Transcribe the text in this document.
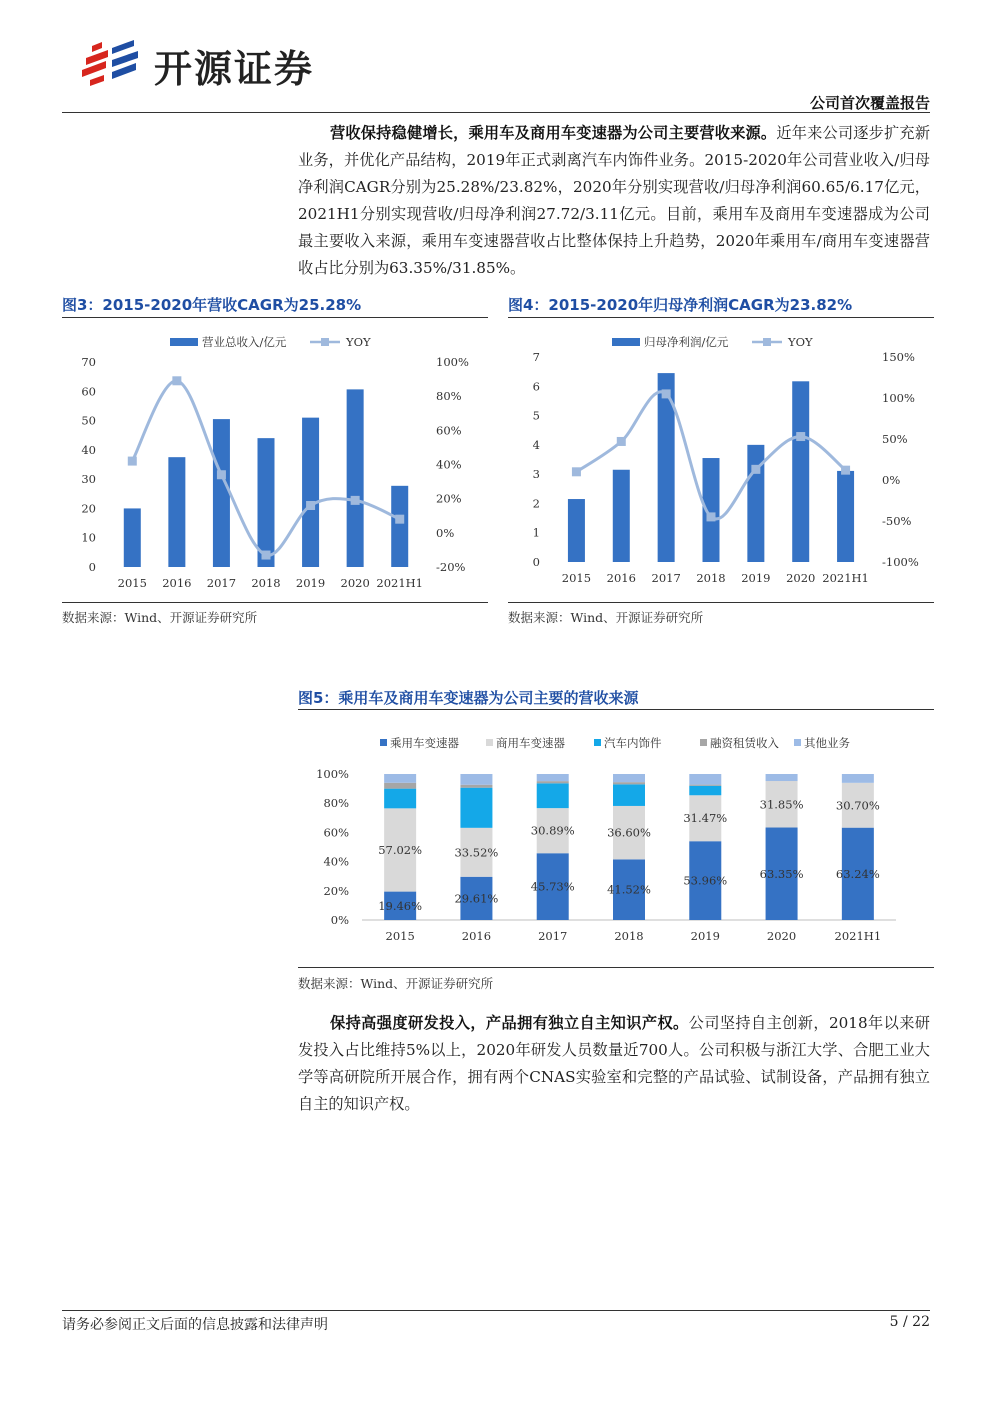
开源证券
公司首次覆盖报告
营收保持稳健增长，乘用车及商用车变速器为公司主要营收来源。近年来公司逐步扩充新业务，并优化产品结构，2019年正式剥离汽车内饰件业务。2015-2020年公司营业收入/归母净利润CAGR分别为25.28%/23.82%，2020年分别实现营收/归母净利润60.65/6.17亿元，2021H1分别实现营收/归母净利润27.72/3.11亿元。目前，乘用车及商用车变速器成为公司最主要收入来源，乘用车变速器营收占比整体保持上升趋势，2020年乘用车/商用车变速器营收占比分别为63.35%/31.85%。
图3：2015-2020年营收CAGR为25.28%
营业总收入/亿元	YOY
0
10
20
30
40
50
60
70
-20%
0%
20%
40%
60%
80%
100%
2015 2016 2017 2018 2019 2020 2021H1
数据来源：Wind、开源证券研究所
图4：2015-2020年归母净利润CAGR为23.82%
归母净利润/亿元	YOY
0
1
2
3
4
5
6
7
-100%
-50%
0%
50%
100%
150%
2015 2016 2017 2018 2019 2020 2021H1
数据来源：Wind、开源证券研究所
图5：乘用车及商用车变速器为公司主要的营收来源
乘用车变速器	商用车变速器	汽车内饰件	融资租赁收入 其他业务
0%
20%
40%
60%
80%
100%
19.46%
57.02%
2015
29.61%
33.52%
2016
45.73%
30.89%
2017
41.52%
36.60%
2018
53.96%
31.47%
2019
63.35%
31.85%
2020
63.24%
30.70%
2021H1
数据来源：Wind、开源证券研究所
保持高强度研发投入，产品拥有独立自主知识产权。公司坚持自主创新，2018年以来研发投入占比维持5%以上，2020年研发人员数量近700人。公司积极与浙江大学、合肥工业大学等高研院所开展合作，拥有两个CNAS实验室和完整的产品试验、试制设备，产品拥有独立自主的知识产权。
请务必参阅正文后面的信息披露和法律声明	5 / 22
